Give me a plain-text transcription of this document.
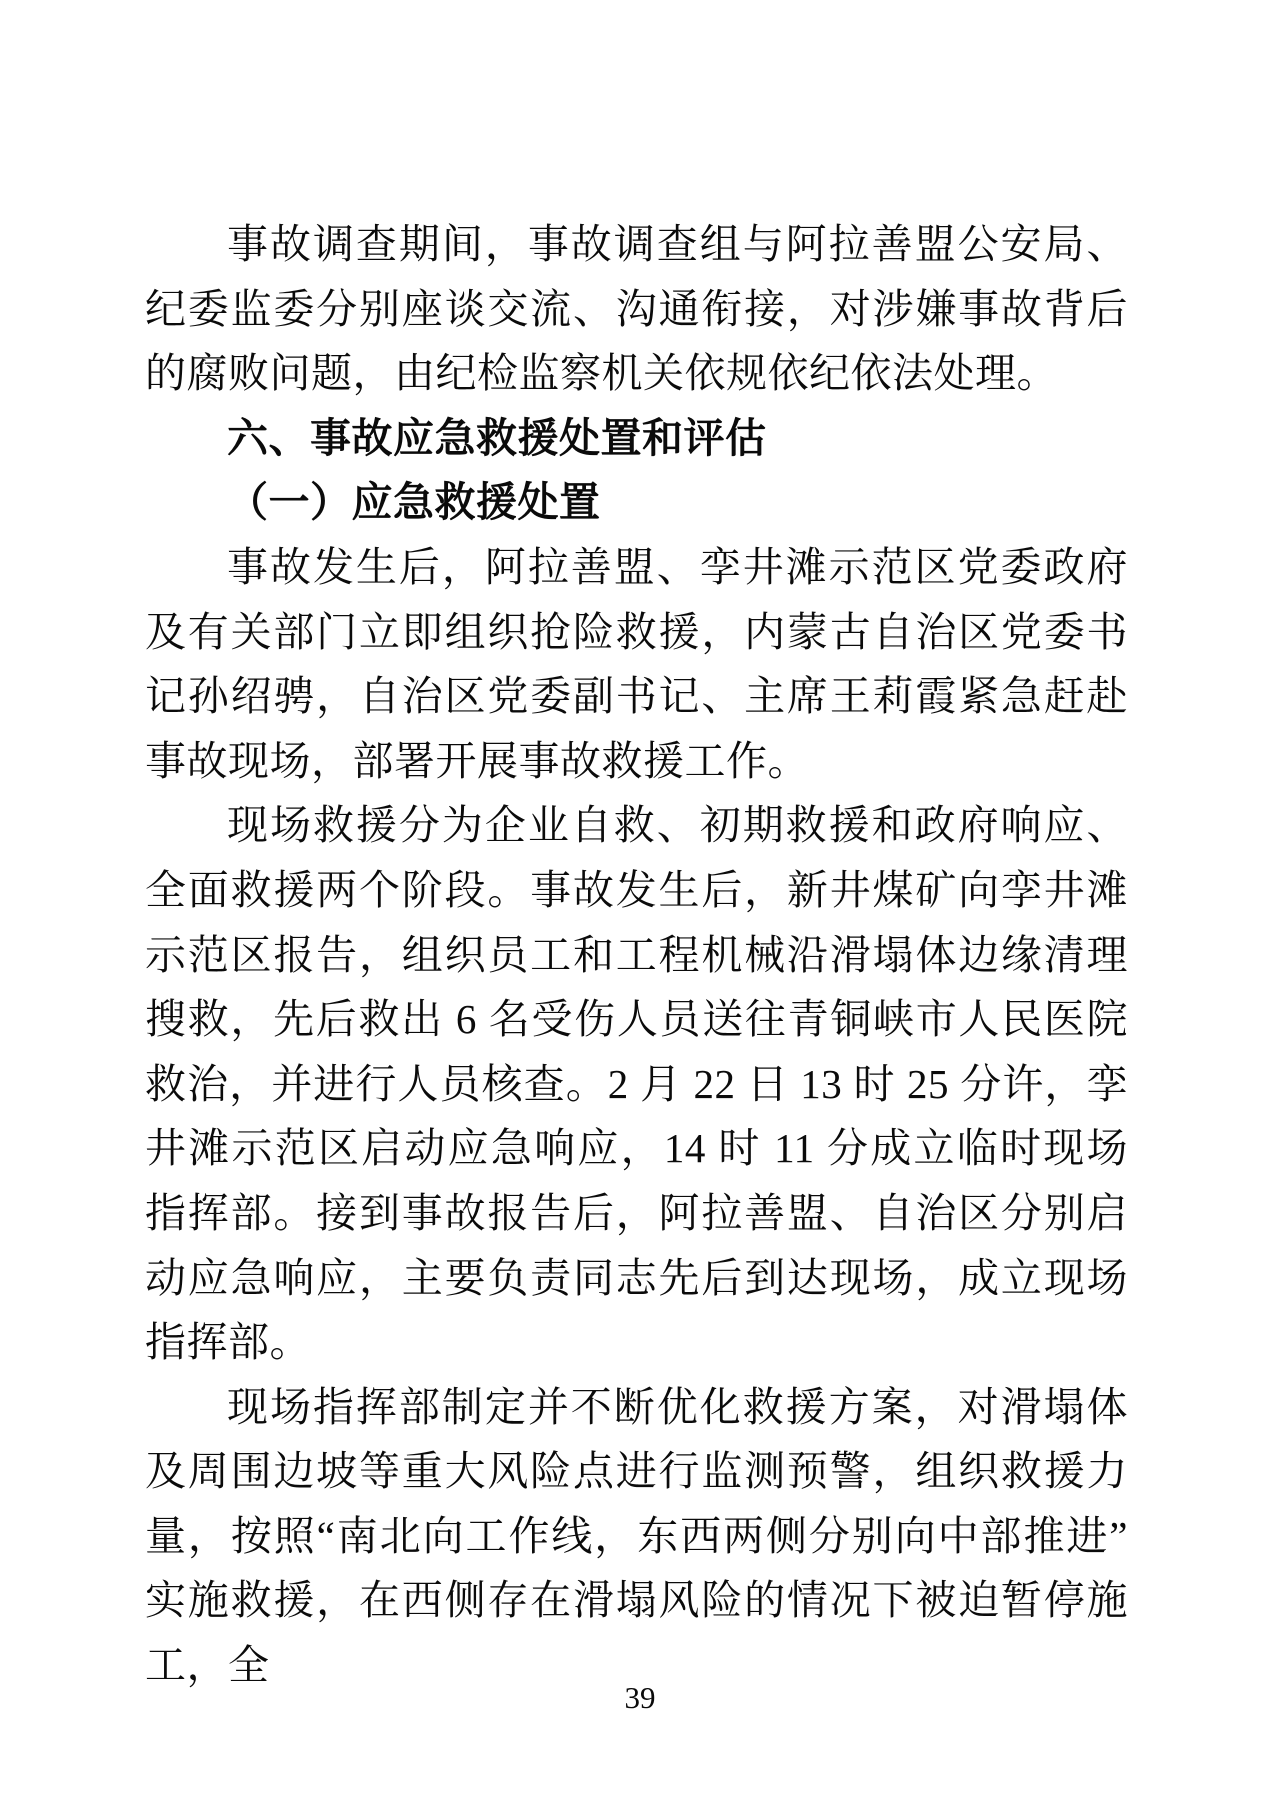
事故调查期间，事故调查组与阿拉善盟公安局、纪委监委分别座谈交流、沟通衔接，对涉嫌事故背后的腐败问题，由纪检监察机关依规依纪依法处理。

六、事故应急救援处置和评估

（一）应急救援处置

事故发生后，阿拉善盟、孪井滩示范区党委政府及有关部门立即组织抢险救援，内蒙古自治区党委书记孙绍骋，自治区党委副书记、主席王莉霞紧急赶赴事故现场，部署开展事故救援工作。

现场救援分为企业自救、初期救援和政府响应、全面救援两个阶段。事故发生后，新井煤矿向孪井滩示范区报告，组织员工和工程机械沿滑塌体边缘清理搜救，先后救出 6 名受伤人员送往青铜峡市人民医院救治，并进行人员核查。2 月 22 日 13 时 25 分许，孪井滩示范区启动应急响应，14 时 11 分成立临时现场指挥部。接到事故报告后，阿拉善盟、自治区分别启动应急响应，主要负责同志先后到达现场，成立现场指挥部。

现场指挥部制定并不断优化救援方案，对滑塌体及周围边坡等重大风险点进行监测预警，组织救援力量，按照“南北向工作线，东西两侧分别向中部推进”实施救援，在西侧存在滑塌风险的情况下被迫暂停施工，全

39
